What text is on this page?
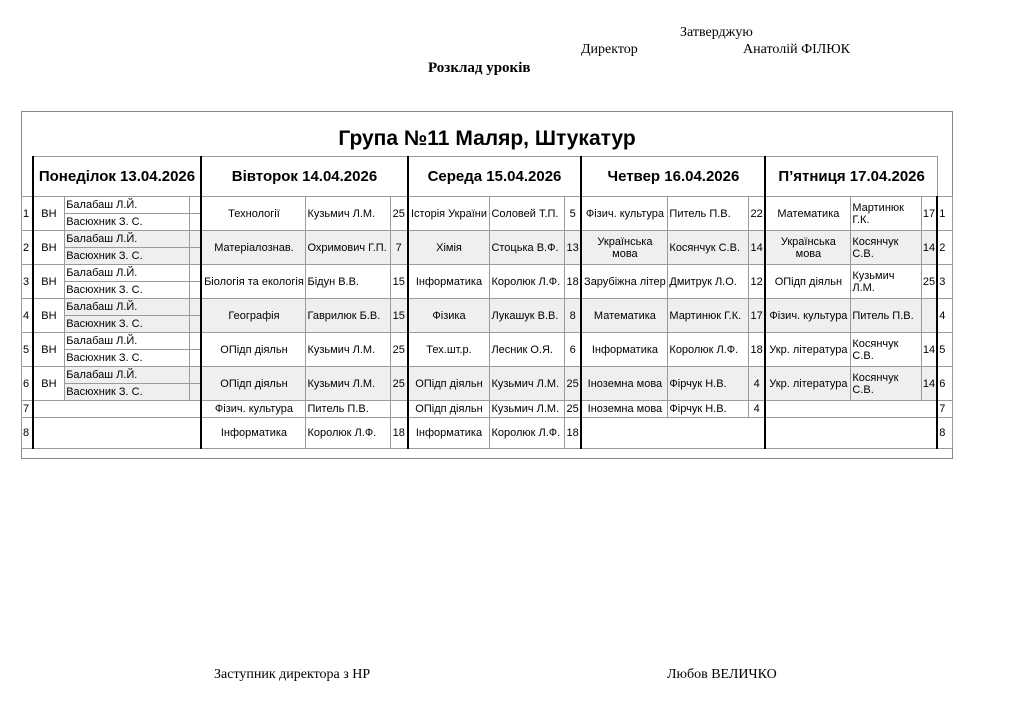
Затверджую
Директор	Анатолій ФІЛЮК
Розклад уроків
Група №11 Маляр, Штукатур
	Понеділок 13.04.2026			Вівторок 14.04.2026			Середа 15.04.2026			Четвер 16.04.2026			П’ятниця 17.04.2026			
1	ВН	Балабаш Л.Й.		Технології	Кузьмич Л.М.	25	Історія України	Соловей Т.П.	5	Фізич. культура	Питель П.В.	22	Математика	Мартинюк Г.К.	17	1
		Васюхник З. С.														
2	ВН	Балабаш Л.Й.		Матеріалознав.	Охримович Г.П.	7	Хімія	Стоцька В.Ф.	13	Українська мова	Косянчук С.В.	14	Українська мова	Косянчук С.В.	14	2
		Васюхник З. С.														
3	ВН	Балабаш Л.Й.		Біологія та екологія	Бідун В.В.	15	Інформатика	Королюк Л.Ф.	18	Зарубіжна літер	Дмитрук Л.О.	12	ОПідп діяльн	Кузьмич Л.М.	25	3
		Васюхник З. С.														
4	ВН	Балабаш Л.Й.		Географія	Гаврилюк Б.В.	15	Фізика	Лукашук В.В.	8	Математика	Мартинюк Г.К.	17	Фізич. культура	Питель П.В.		4
		Васюхник З. С.														
5	ВН	Балабаш Л.Й.		ОПідп діяльн	Кузьмич Л.М.	25	Тех.шт.р.	Лесник О.Я.	6	Інформатика	Королюк Л.Ф.	18	Укр. література	Косянчук С.В.	14	5
		Васюхник З. С.														
6	ВН	Балабаш Л.Й.		ОПідп діяльн	Кузьмич Л.М.	25	ОПідп діяльн	Кузьмич Л.М.	25	Іноземна мова	Фірчук Н.В.	4	Укр. література	Косянчук С.В.	14	6
		Васюхник З. С.														
7				Фізич. культура	Питель П.В.		ОПідп діяльн	Кузьмич Л.М.	25	Іноземна мова	Фірчук Н.В.	4				7
8				Інформатика	Королюк Л.Ф.	18	Інформатика	Королюк Л.Ф.	18							8
Заступник директора з НР	Любов ВЕЛИЧКО
